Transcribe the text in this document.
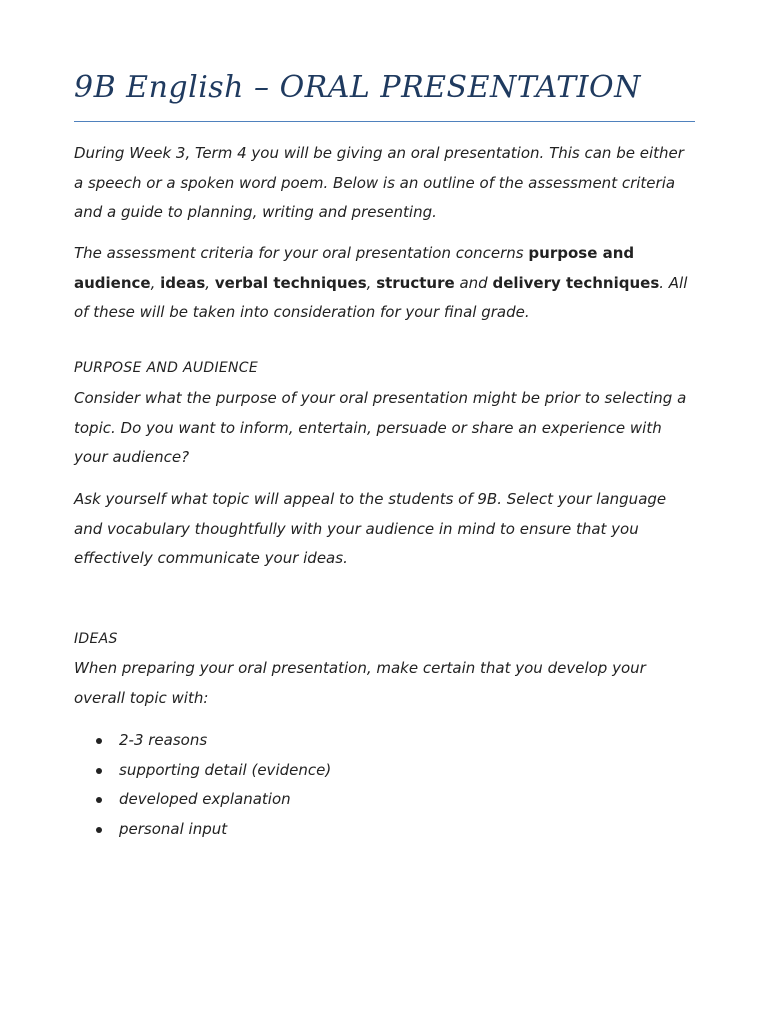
9B English – ORAL PRESENTATION

During Week 3, Term 4 you will be giving an oral presentation. This can be either a speech or a spoken word poem. Below is an outline of the assessment criteria and a guide to planning, writing and presenting.

The assessment criteria for your oral presentation concerns purpose and audience, ideas, verbal techniques, structure and delivery techniques. All of these will be taken into consideration for your final grade.

PURPOSE AND AUDIENCE

Consider what the purpose of your oral presentation might be prior to selecting a topic. Do you want to inform, entertain, persuade or share an experience with your audience?

Ask yourself what topic will appeal to the students of 9B. Select your language and vocabulary thoughtfully with your audience in mind to ensure that you effectively communicate your ideas.

IDEAS

When preparing your oral presentation, make certain that you develop your overall topic with:

2-3 reasons
supporting detail (evidence)
developed explanation
personal input
